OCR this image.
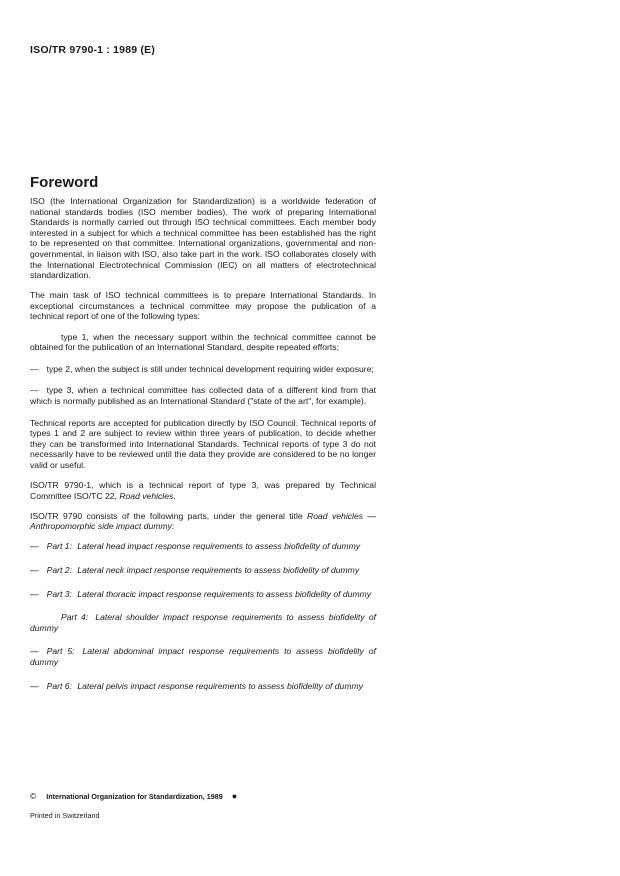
ISO/TR 9790-1 : 1989 (E)
Foreword

ISO (the International Organization for Standardization) is a worldwide federation of national standards bodies (ISO member bodies). The work of preparing International Standards is normally carried out through ISO technical committees. Each member body interested in a subject for which a technical committee has been established has the right to be represented on that committee. International organizations, governmental and non-governmental, in liaison with ISO, also take part in the work. ISO collaborates closely with the International Electrotechnical Commission (IEC) on all matters of electrotechnical standardization.

The main task of ISO technical committees is to prepare International Standards. In exceptional circumstances a technical committee may propose the publication of a technical report of one of the following types:

type 1, when the necessary support within the technical committee cannot be obtained for the publication of an International Standard, despite repeated efforts;
— type 2, when the subject is still under technical development requiring wider exposure;
— type 3, when a technical committee has collected data of a different kind from that which is normally published as an International Standard ("state of the art", for example).

Technical reports are accepted for publication directly by ISO Council. Technical reports of types 1 and 2 are subject to review within three years of publication, to decide whether they can be transformed into International Standards. Technical reports of type 3 do not necessarily have to be reviewed until the data they provide are considered to be no longer valid or useful.

ISO/TR 9790-1, which is a technical report of type 3, was prepared by Technical Committee ISO/TC 22, Road vehicles.

ISO/TR 9790 consists of the following parts, under the general title Road vehicles — Anthropomorphic side impact dummy:

— Part 1: Lateral head impact response requirements to assess biofidelity of dummy
— Part 2: Lateral neck impact response requirements to assess biofidelity of dummy
— Part 3: Lateral thoracic impact response requirements to assess biofidelity of dummy
Part 4: Lateral shoulder impact response requirements to assess biofidelity of dummy
— Part 5: Lateral abdominal impact response requirements to assess biofidelity of dummy
— Part 6: Lateral pelvis impact response requirements to assess biofidelity of dummy
© International Organization for Standardization, 1989 ●
Printed in Switzerland
